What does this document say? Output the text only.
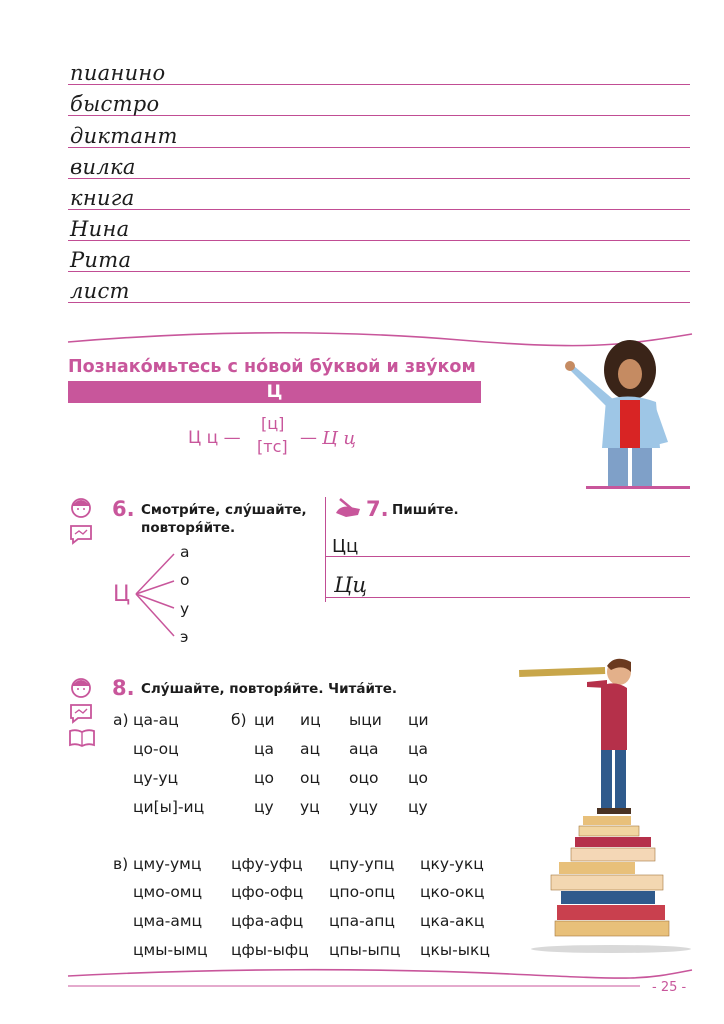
пианино
быстро
диктант
вилка
книга
Нина
Рита
лист
Познако́мьтесь с но́вой бу́квой и зву́ком
Ц
Ц ц —
[ц]
[тс] — Ц ц
6. Смотри́те, слу́шайте,
повторя́йте.
Ц
а
о
у
э
7. Пиши́те.
Цц
Цц
8. Слу́шайте, повторя́йте. Чита́йте.
а) ца-ац
цо-оц
цу-уц
ци[ы]-иц
б) ци иц ыци ци
ца ац аца ца
цо оц оцо цо
цу уц уцу цу
в) цму-умц цфу-уфц цпу-упц цку-укц
цмо-омц цфо-офц цпо-опц цко-окц
цма-амц цфа-афц цпа-апц цка-акц
цмы-ымц цфы-ыфц цпы-ыпц цкы-ыкц
- 25 -
